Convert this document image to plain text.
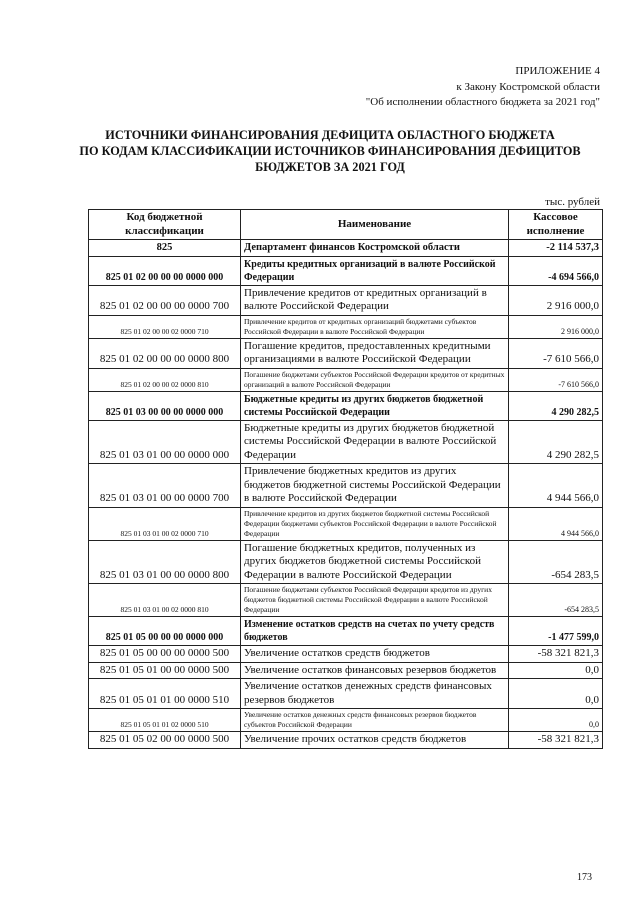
ПРИЛОЖЕНИЕ 4
к Закону Костромской области
"Об исполнении областного бюджета за 2021 год"
ИСТОЧНИКИ ФИНАНСИРОВАНИЯ ДЕФИЦИТА ОБЛАСТНОГО БЮДЖЕТА
ПО КОДАМ КЛАССИФИКАЦИИ ИСТОЧНИКОВ ФИНАНСИРОВАНИЯ ДЕФИЦИТОВ
БЮДЖЕТОВ ЗА 2021 ГОД
тыс. рублей
Код бюджетной классификации	Наименование	Кассовое исполнение
825	Департамент финансов Костромской области	-2 114 537,3
825 01 02 00 00 00 0000 000	Кредиты кредитных организаций в валюте Российской Федерации	-4 694 566,0
825 01 02 00 00 00 0000 700	Привлечение кредитов от кредитных организаций в валюте Российской Федерации	2 916 000,0
825 01 02 00 00 02 0000 710	Привлечение кредитов от кредитных организаций бюджетами субъектов Российской Федерации в валюте Российской Федерации	2 916 000,0
825 01 02 00 00 00 0000 800	Погашение кредитов, предоставленных кредитными организациями в валюте Российской Федерации	-7 610 566,0
825 01 02 00 00 02 0000 810	Погашение бюджетами субъектов Российской Федерации кредитов от кредитных организаций в валюте Российской Федерации	-7 610 566,0
825 01 03 00 00 00 0000 000	Бюджетные кредиты из других бюджетов бюджетной системы Российской Федерации	4 290 282,5
825 01 03 01 00 00 0000 000	Бюджетные кредиты из других бюджетов бюджетной системы Российской Федерации в валюте Российской Федерации	4 290 282,5
825 01 03 01 00 00 0000 700	Привлечение бюджетных кредитов из других бюджетов бюджетной системы Российской Федерации в валюте Российской Федерации	4 944 566,0
825 01 03 01 00 02 0000 710	Привлечение кредитов из других бюджетов бюджетной системы Российской Федерации бюджетами субъектов Российской Федерации в валюте Российской Федерации	4 944 566,0
825 01 03 01 00 00 0000 800	Погашение бюджетных кредитов, полученных из других бюджетов бюджетной системы Российской Федерации в валюте Российской Федерации	-654 283,5
825 01 03 01 00 02 0000 810	Погашение бюджетами субъектов Российской Федерации кредитов из других бюджетов бюджетной системы Российской Федерации в валюте Российской Федерации	-654 283,5
825 01 05 00 00 00 0000 000	Изменение остатков средств на счетах по учету средств бюджетов	-1 477 599,0
825 01 05 00 00 00 0000 500	Увеличение остатков средств бюджетов	-58 321 821,3
825 01 05 01 00 00 0000 500	Увеличение остатков финансовых резервов бюджетов	0,0
825 01 05 01 01 00 0000 510	Увеличение остатков денежных средств финансовых резервов бюджетов	0,0
825 01 05 01 01 02 0000 510	Увеличение остатков денежных средств финансовых резервов бюджетов субъектов Российской Федерации	0,0
825 01 05 02 00 00 0000 500	Увеличение прочих остатков средств бюджетов	-58 321 821,3
173
